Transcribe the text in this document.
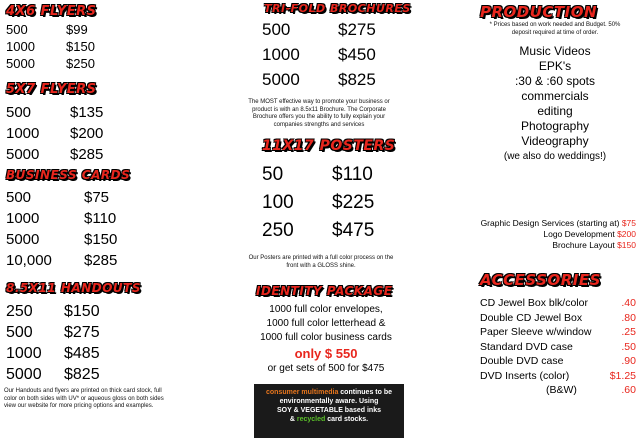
4X6 FLYERS
500	$99
1000 $150
5000 $250
5X7 FLYERS
500	$135
1000 $200
5000 $285
BUSINESS CARDS
500	$75
1000	$110
5000	$150
10,000 $285
8.5X11 HANDOUTS
250 $150
500 $275
1000 $485
5000 $825
Our Handouts and flyers are printed on thick card stock, full color on both sides with UV* or aqueous gloss on both sides view our website for more pricing options and examples.
TRI-FOLD BROCHURES
500	$275
1000 $450
5000 $825
The MOST effective way to promote your business or product is with an 8.5x11 Brochure. The Corporate Brochure offers you the ability to fully explain your companies strengths and services
11X17 POSTERS
50	$110
100 $225
250 $475
Our Posters are printed with a full color process on the front with a GLOSS shine.
IDENTITY PACKAGE
1000 full color envelopes,
1000 full color letterhead &
1000 full color business cards
only $ 550
or get sets of 500 for $475
consumer multimedia continues to be environmentally aware. Using
SOY & VEGETABLE based inks
& recycled card stocks.
PRODUCTION
* Prices based on work needed and Budget. 50% deposit required at time of order.
Music Videos
EPK's
:30 & :60 spots
commercials
editing
Photography
Videography
(we also do weddings!)
Graphic Design Services (starting at) $75
Logo Development $200
Brochure Layout $150
ACCESSORIES
CD Jewel Box blk/color	.40
Double CD Jewel Box	.80
Paper Sleeve w/window	.25
Standard DVD case	.50
Double DVD case	.90
DVD Inserts (color)	$1.25
(B&W)	.60
